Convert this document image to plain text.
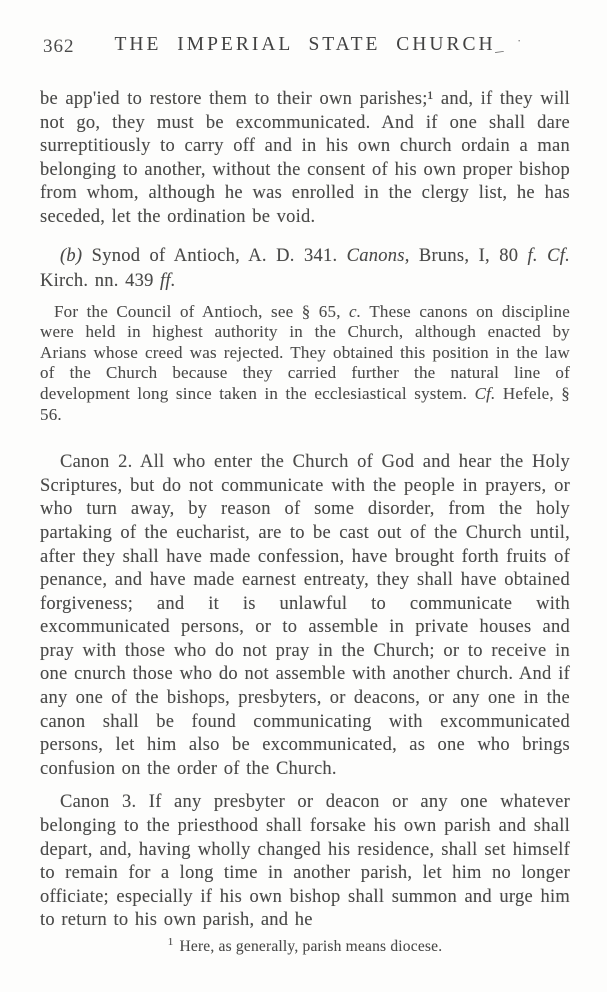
362	THE IMPERIAL STATE CHURCH
–
·

be app'ied to restore them to their own parishes;¹ and, if they will not go, they must be excommunicated. And if one shall dare surreptitiously to carry off and in his own church ordain a man belonging to another, without the consent of his own proper bishop from whom, although he was enrolled in the clergy list, he has seceded, let the ordination be void.

(b) Synod of Antioch, A. D. 341. Canons, Bruns, I, 80 f. Cf. Kirch. nn. 439 ff.

For the Council of Antioch, see § 65, c. These canons on discipline were held in highest authority in the Church, although enacted by Arians whose creed was rejected. They obtained this position in the law of the Church because they carried further the natural line of development long since taken in the ecclesiastical system. Cf. Hefele, § 56.

Canon 2. All who enter the Church of God and hear the Holy Scriptures, but do not communicate with the people in prayers, or who turn away, by reason of some disorder, from the holy partaking of the eucharist, are to be cast out of the Church until, after they shall have made confession, have brought forth fruits of penance, and have made earnest entreaty, they shall have obtained forgiveness; and it is unlawful to communicate with excommunicated persons, or to assemble in private houses and pray with those who do not pray in the Church; or to receive in one cnurch those who do not assemble with another church. And if any one of the bishops, presbyters, or deacons, or any one in the canon shall be found communicating with excommunicated persons, let him also be excommunicated, as one who brings confusion on the order of the Church.

Canon 3. If any presbyter or deacon or any one whatever belonging to the priesthood shall forsake his own parish and shall depart, and, having wholly changed his residence, shall set himself to remain for a long time in another parish, let him no longer officiate; especially if his own bishop shall summon and urge him to return to his own parish, and he

$^1$ Here, as generally, parish means diocese.
